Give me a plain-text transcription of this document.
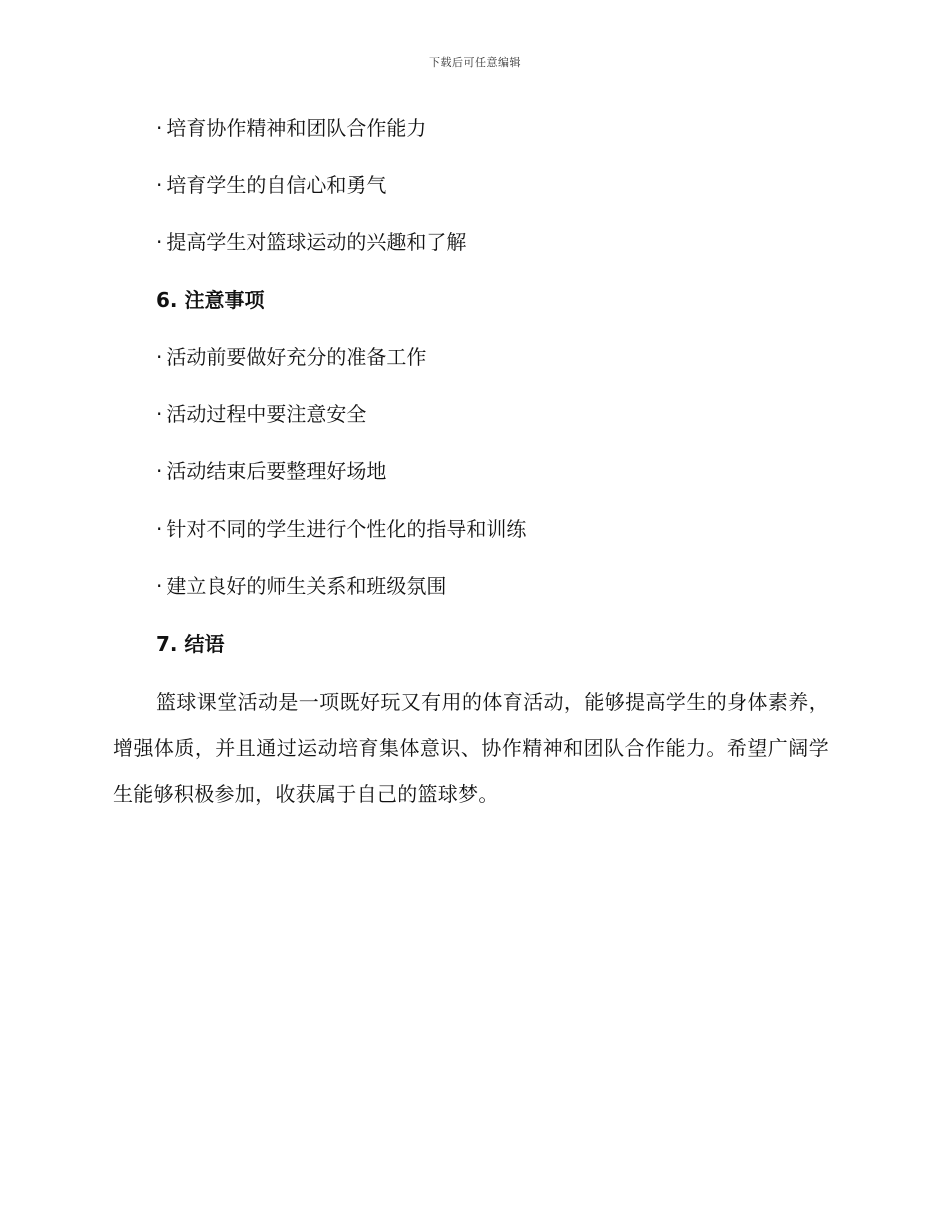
下载后可任意编辑
· 培育协作精神和团队合作能力
· 培育学生的自信心和勇气
· 提高学生对篮球运动的兴趣和了解
6. 注意事项
· 活动前要做好充分的准备工作
· 活动过程中要注意安全
· 活动结束后要整理好场地
· 针对不同的学生进行个性化的指导和训练
· 建立良好的师生关系和班级氛围
7. 结语
篮球课堂活动是一项既好玩又有用的体育活动，能够提高学生的身体素养，增强体质，并且通过运动培育集体意识、协作精神和团队合作能力。希望广阔学生能够积极参加，收获属于自己的篮球梦。
